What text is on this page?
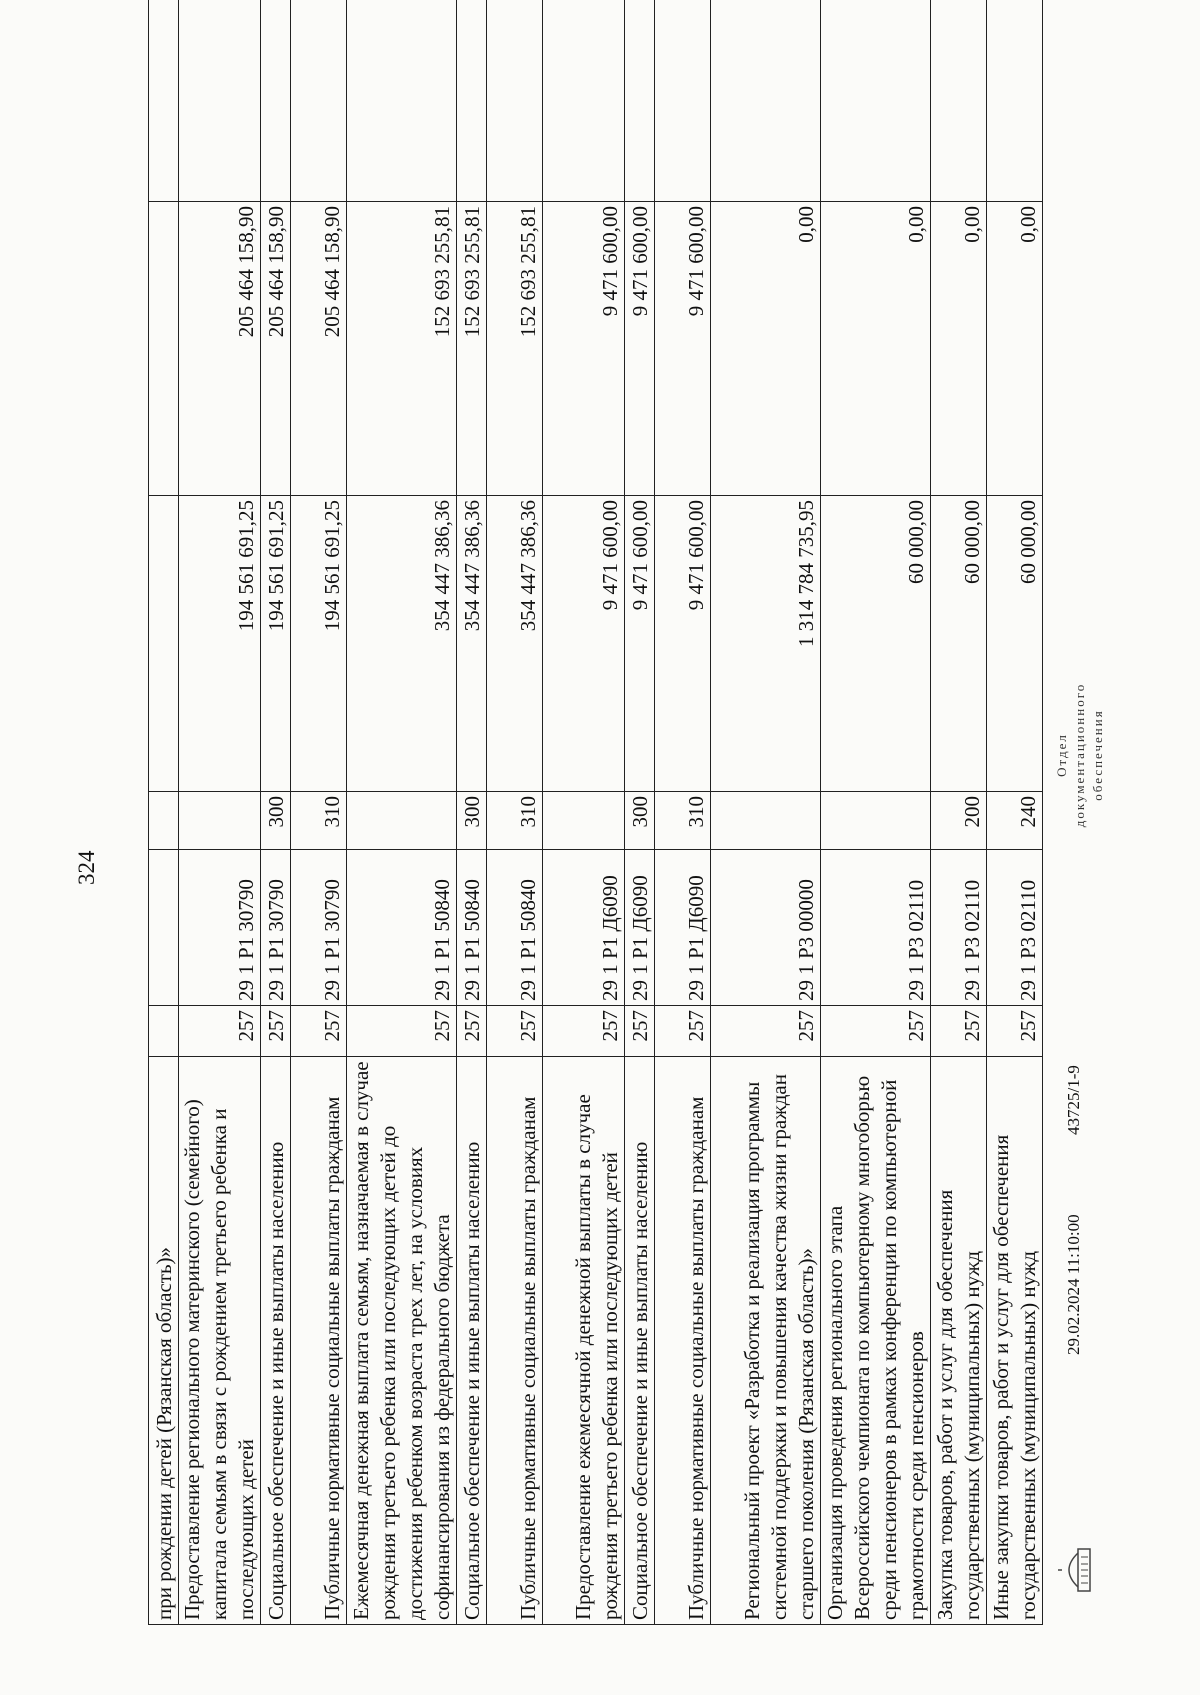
324
при рождении детей (Рязанская область)»						
Предоставление регионального материнского (семейного) капитала семьям в связи с рождением третьего ребенка и последующих детей	257	29 1 Р1 30790		194 561 691,25	205 464 158,90	
Социальное обеспечение и иные выплаты населению	257	29 1 Р1 30790	300	194 561 691,25	205 464 158,90	
Публичные нормативные социальные выплаты гражданам	257	29 1 Р1 30790	310	194 561 691,25	205 464 158,90	
Ежемесячная денежная выплата семьям, назначаемая в случае рождения третьего ребенка или последующих детей до достижения ребенком возраста трех лет, на условиях софинансирования из федерального бюджета	257	29 1 Р1 50840		354 447 386,36	152 693 255,81	
Социальное обеспечение и иные выплаты населению	257	29 1 Р1 50840	300	354 447 386,36	152 693 255,81	
Публичные нормативные социальные выплаты гражданам	257	29 1 Р1 50840	310	354 447 386,36	152 693 255,81	
Предоставление ежемесячной денежной выплаты в случае рождения третьего ребенка или последующих детей	257	29 1 Р1 Д6090		9 471 600,00	9 471 600,00	
Социальное обеспечение и иные выплаты населению	257	29 1 Р1 Д6090	300	9 471 600,00	9 471 600,00	
Публичные нормативные социальные выплаты гражданам	257	29 1 Р1 Д6090	310	9 471 600,00	9 471 600,00	
Региональный проект «Разработка и реализация программы системной поддержки и повышения качества жизни граждан старшего поколения (Рязанская область)»	257	29 1 Р3 00000		1 314 784 735,95	0,00	
Организация проведения регионального этапа Всероссийского чемпионата по компьютерному многоборью среди пенсионеров в рамках конференции по компьютерной грамотности среди пенсионеров	257	29 1 Р3 02110		60 000,00	0,00	
Закупка товаров, работ и услуг для обеспечения государственных (муниципальных) нужд	257	29 1 Р3 02110	200	60 000,00	0,00	
Иные закупки товаров, работ и услуг для обеспечения государственных (муниципальных) нужд	257	29 1 Р3 02110	240	60 000,00	0,00	
29.02.2024 11:10:00
43725/1-9
Отдел документационного обеспечения
